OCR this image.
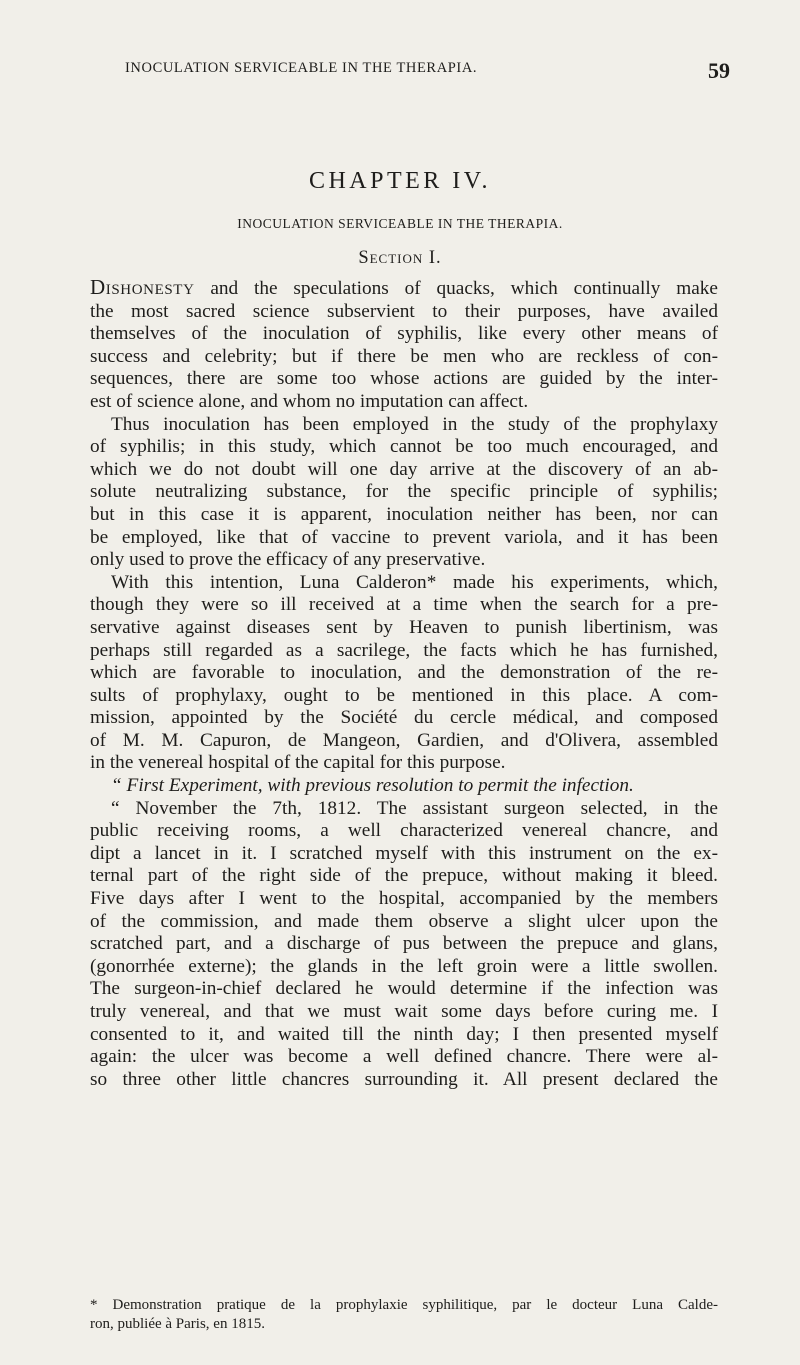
INOCULATION SERVICEABLE IN THE THERAPIA.	59
CHAPTER IV.
INOCULATION SERVICEABLE IN THE THERAPIA.
Section I.
Dishonesty and the speculations of quacks, which continually make
the most sacred science subservient to their purposes, have availed
themselves of the inoculation of syphilis, like every other means of
success and celebrity; but if there be men who are reckless of con-
sequences, there are some too whose actions are guided by the inter-
est of science alone, and whom no imputation can affect.
Thus inoculation has been employed in the study of the prophylaxy
of syphilis; in this study, which cannot be too much encouraged, and
which we do not doubt will one day arrive at the discovery of an ab-
solute neutralizing substance, for the specific principle of syphilis;
but in this case it is apparent, inoculation neither has been, nor can
be employed, like that of vaccine to prevent variola, and it has been
only used to prove the efficacy of any preservative.
With this intention, Luna Calderon* made his experiments, which,
though they were so ill received at a time when the search for a pre-
servative against diseases sent by Heaven to punish libertinism, was
perhaps still regarded as a sacrilege, the facts which he has furnished,
which are favorable to inoculation, and the demonstration of the re-
sults of prophylaxy, ought to be mentioned in this place. A com-
mission, appointed by the Société du cercle médical, and composed
of M. M. Capuron, de Mangeon, Gardien, and d'Olivera, assembled
in the venereal hospital of the capital for this purpose.
“ First Experiment, with previous resolution to permit the infection.
“ November the 7th, 1812. The assistant surgeon selected, in the
public receiving rooms, a well characterized venereal chancre, and
dipt a lancet in it. I scratched myself with this instrument on the ex-
ternal part of the right side of the prepuce, without making it bleed.
Five days after I went to the hospital, accompanied by the members
of the commission, and made them observe a slight ulcer upon the
scratched part, and a discharge of pus between the prepuce and glans,
(gonorrhée externe); the glands in the left groin were a little swollen.
The surgeon-in-chief declared he would determine if the infection was
truly venereal, and that we must wait some days before curing me. I
consented to it, and waited till the ninth day; I then presented myself
again: the ulcer was become a well defined chancre. There were al-
so three other little chancres surrounding it. All present declared the
* Demonstration pratique de la prophylaxie syphilitique, par le docteur Luna Calde-
ron, publiée à Paris, en 1815.
